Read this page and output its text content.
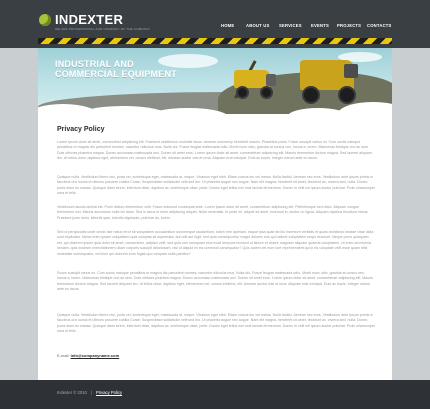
INDEXTER
WE ARE PROFESSIONAL AND COMPANY OF THE COMPANY
HOME	ABOUT US SERVICES EVENTS PROJECTS CONTACTS
INDUSTRIAL AND
COMMERCIAL EQUIPMENT
Privacy Policy

Lorem ipsum dolor sit amet, consectetur adipiscing elit. Praesent vestibulum molestie lacus. Aenean nonummy hendrerit mauris. Phasellus porta. Fusce suscipit varius mi. Cum sociis natoque penatibus et magnis dis parturient montes, nascetur ridiculus mus. Nulla dui. Fusce feugiat malesuada odio. Morbi nunc odio, gravida at cursus nec, luctus a, lorem. Maecenas tristique orci ac sem. Duis ultricies pharetra magna. Donec accumsan malesuada orci. Donec sit amet eros. Lorem ipsum dolor sit amet, consectetuer adipiscing elit. Mauris fermentum dictum magna. Sed laoreet aliquam leo. Ut tellus dolor, dapibus eget, elementum vel, cursus eleifend, elit. Aenean auctor wisi et urna. Aliquam erat volutpat. Duis ac turpis. Integer rutrum ante eu lacus.

Quisque nulla. Vestibulum libero nisl, porta vel, scelerisque eget, malesuada at, neque. Vivamus eget nibh. Etiam cursus leo vel metus. Nulla facilisi. Aenean nec eros. Vestibulum ante ipsum primis in faucibus orci luctus et ultrices posuere cubilia Curae; Suspendisse sollicitudin velit sed leo. Ut pharetra augue nec augue. Nam elit magna, hendrerit sit amet, tincidunt ac, viverra sed, nulla. Donec porta diam eu massa. Quisque diam lorem, interdum vitae, dapibus ac, scelerisque vitae, pede. Donec eget tellus non erat lacinia fermentum. Donec in velit vel ipsum auctor pulvinar. Proin ullamcorper urna et felis.

Vestibulum iaculis lacinia est. Proin dictum elementum velit. Fusce euismod consequat ante. Lorem ipsum dolor sit amet, consectetuer adipiscing elit. Pellentesque sed dolor. Aliquam congue fermentum nisl. Mauris accumsan nulla vel diam. Sed in lacus ut enim adipiscing aliquet. Nulla venenatis. In pede mi, aliquet sit amet, euismod in, auctor ut, ligula. Aliquam dapibus tincidunt metus. Praesent justo dolor, lobortis quis, lobortis dignissim, pulvinar ac, lorem.

Sed ut perspiciatis unde omnis iste natus error sit voluptatem accusantium doloremque laudantium, totam rem aperiam, eaque ipsa quae ab illo inventore veritatis et quasi architecto beatae vitae dicta sunt explicabo. Nemo enim ipsam voluptatem quia voluptas sit aspernatur aut odit aut fugit, sed quia consequuntur magni dolores eos qui ratione voluptatem sequi nesciunt. Neque porro quisquam est, qui dolorem ipsum quia dolor sit amet, consectetur, adipisci velit, sed quia non numquam eius modi tempora incidunt ut labore et dolore magnam aliquam quaerat voluptatem. Ut enim ad minima veniam, quis nostrum exercitationem ullam corporis suscipit laboriosam, nisi ut aliquid ex ea commodi consequatur? Quis autem vel eum iure reprehenderit qui in ea voluptate velit esse quam nihil molestiae consequatur, vel illum qui dolorem eum fugiat quo voluptas nulla pariatur?

Fusce suscipit varius mi. Cum sociis natoque penatibus et magnis dis parturient montes, nascetur ridiculus mus. Nulla dui. Fusce feugiat malesuada odio. Morbi nunc odio, gravida at cursus nec, luctus a, lorem. Maecenas tristique orci ac sem. Duis ultricies pharetra magna. Donec accumsan malesuada orci. Donec sit amet eros. Lorem ipsum dolor sit amet, consectetuer adipiscing elit. Mauris fermentum dictum magna. Sed laoreet aliquam leo. Ut tellus dolor, dapibus eget, elementum vel, cursus eleifend, elit. Aenean auctor wisi et urna. Aliquam erat volutpat. Duis ac turpis. Integer rutrum ante eu lacus.

Quisque nulla. Vestibulum libero nisl, porta vel, scelerisque eget, malesuada at, neque. Vivamus eget nibh. Etiam cursus leo vel metus. Nulla facilisi. Aenean nec eros. Vestibulum ante ipsum primis in faucibus orci luctus et ultrices posuere cubilia Curae; Suspendisse sollicitudin velit sed leo. Ut pharetra augue nec augue. Nam elit magna, hendrerit sit amet, tincidunt ac, viverra sed, nulla. Donec porta diam eu massa. Quisque diam lorem, interdum vitae, dapibus ac, scelerisque vitae, pede. Donec eget tellus non erat lacinia fermentum. Donec in velit vel ipsum auctor pulvinar. Proin ullamcorper urna et felis.

E-mail: info@companyname.com
Indexter © 2010 | Privacy Policy
